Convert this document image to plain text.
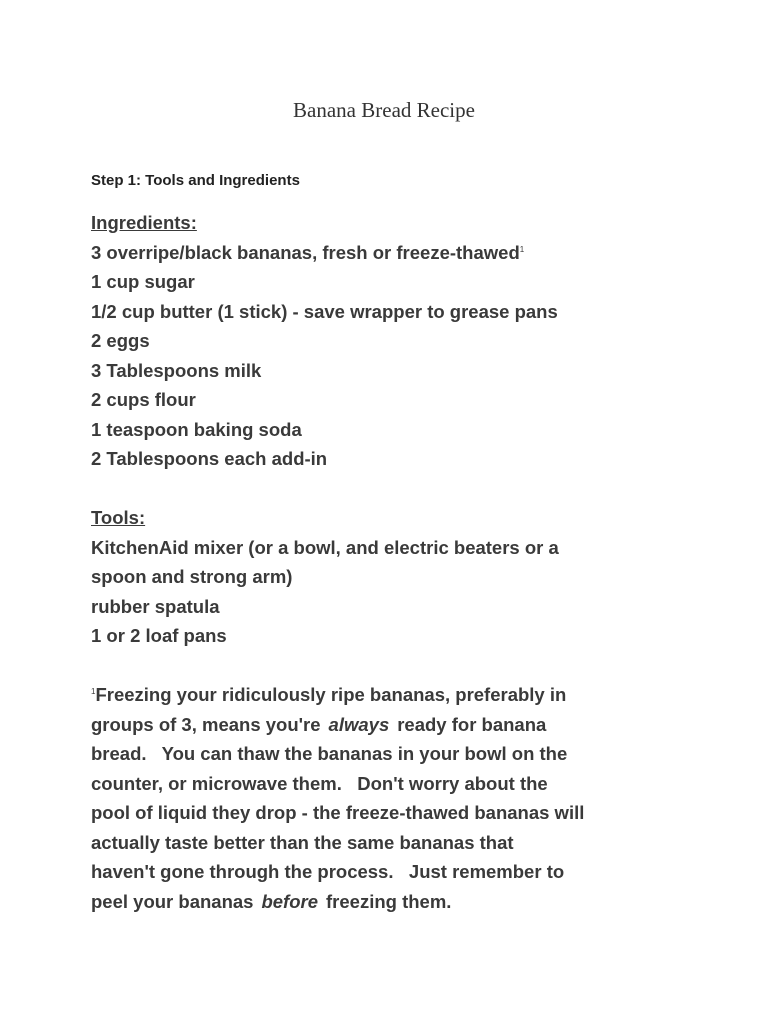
Banana Bread Recipe
Step 1: Tools and Ingredients
Ingredients:
3 overripe/black bananas, fresh or freeze-thawed$^1$
1 cup sugar
1/2 cup butter (1 stick) - save wrapper to grease pans
2 eggs
3 Tablespoons milk
2 cups flour
1 teaspoon baking soda
2 Tablespoons each add-in
Tools:
KitchenAid mixer (or a bowl, and electric beaters or a
spoon and strong arm)
rubber spatula
1 or 2 loaf pans
$^1$Freezing your ridiculously ripe bananas, preferably in
groups of 3, means you're always ready for banana
bread.   You can thaw the bananas in your bowl on the
counter, or microwave them.   Don't worry about the
pool of liquid they drop - the freeze-thawed bananas will
actually taste better than the same bananas that
haven't gone through the process.   Just remember to
peel your bananas before freezing them.
